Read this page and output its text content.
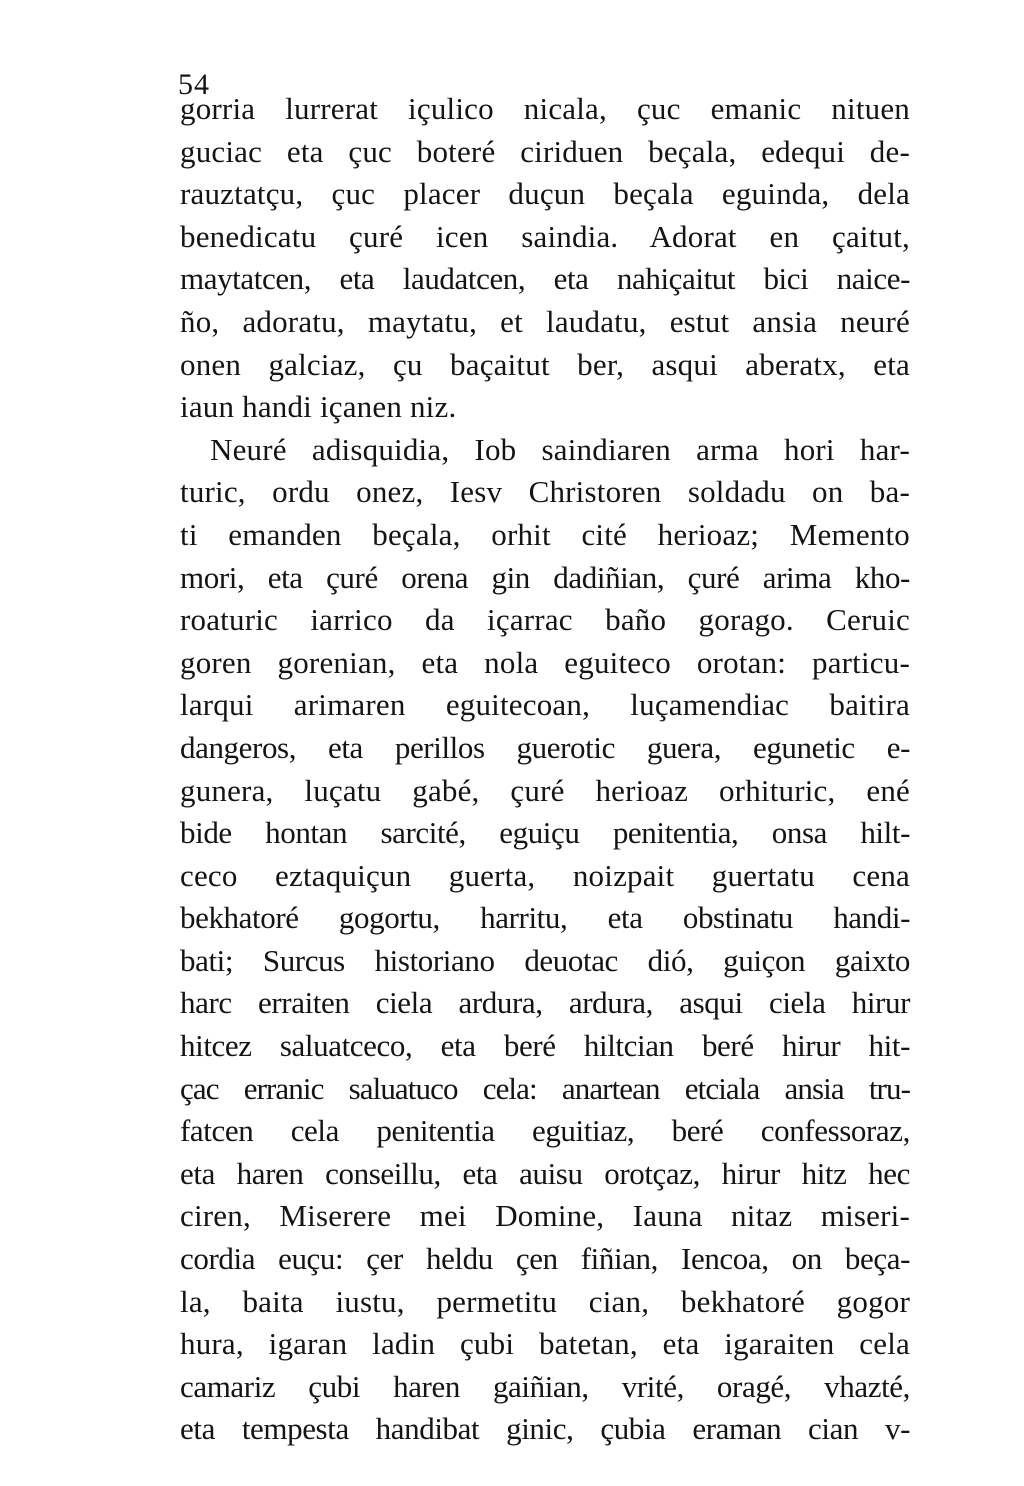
54
gorria lurrerat içulico nicala, çuc emanic nituen
guciac eta çuc boteré ciriduen beçala, edequi de-
rauztatçu, çuc placer duçun beçala eguinda, dela
benedicatu çuré icen saindia. Adorat en çaitut,
maytatcen, eta laudatcen, eta nahiçaitut bici naice-
ño, adoratu, maytatu, et laudatu, estut ansia neuré
onen galciaz, çu baçaitut ber, asqui aberatx, eta
iaun handi içanen niz.
Neuré adisquidia, Iob saindiaren arma hori har-
turic, ordu onez, Iesv Christoren soldadu on ba-
ti emanden beçala, orhit cité herioaz; Memento
mori, eta çuré orena gin dadiñian, çuré arima kho-
roaturic iarrico da içarrac baño gorago. Ceruic
goren gorenian, eta nola eguiteco orotan: particu-
larqui arimaren eguitecoan, luçamendiac baitira
dangeros, eta perillos guerotic guera, egunetic e-
gunera, luçatu gabé, çuré herioaz orhituric, ené
bide hontan sarcité, eguiçu penitentia, onsa hilt-
ceco eztaquiçun guerta, noizpait guertatu cena
bekhatoré gogortu, harritu, eta obstinatu handi-
bati; Surcus historiano deuotac dió, guiçon gaixto
harc erraiten ciela ardura, ardura, asqui ciela hirur
hitcez saluatceco, eta beré hiltcian beré hirur hit-
çac erranic saluatuco cela: anartean etciala ansia tru-
fatcen cela penitentia eguitiaz, beré confessoraz,
eta haren conseillu, eta auisu orotçaz, hirur hitz hec
ciren, Miserere mei Domine, Iauna nitaz miseri-
cordia euçu: çer heldu çen fiñian, Iencoa, on beça-
la, baita iustu, permetitu cian, bekhatoré gogor
hura, igaran ladin çubi batetan, eta igaraiten cela
camariz çubi haren gaiñian, vrité, oragé, vhazté,
eta tempesta handibat ginic, çubia eraman cian v-
